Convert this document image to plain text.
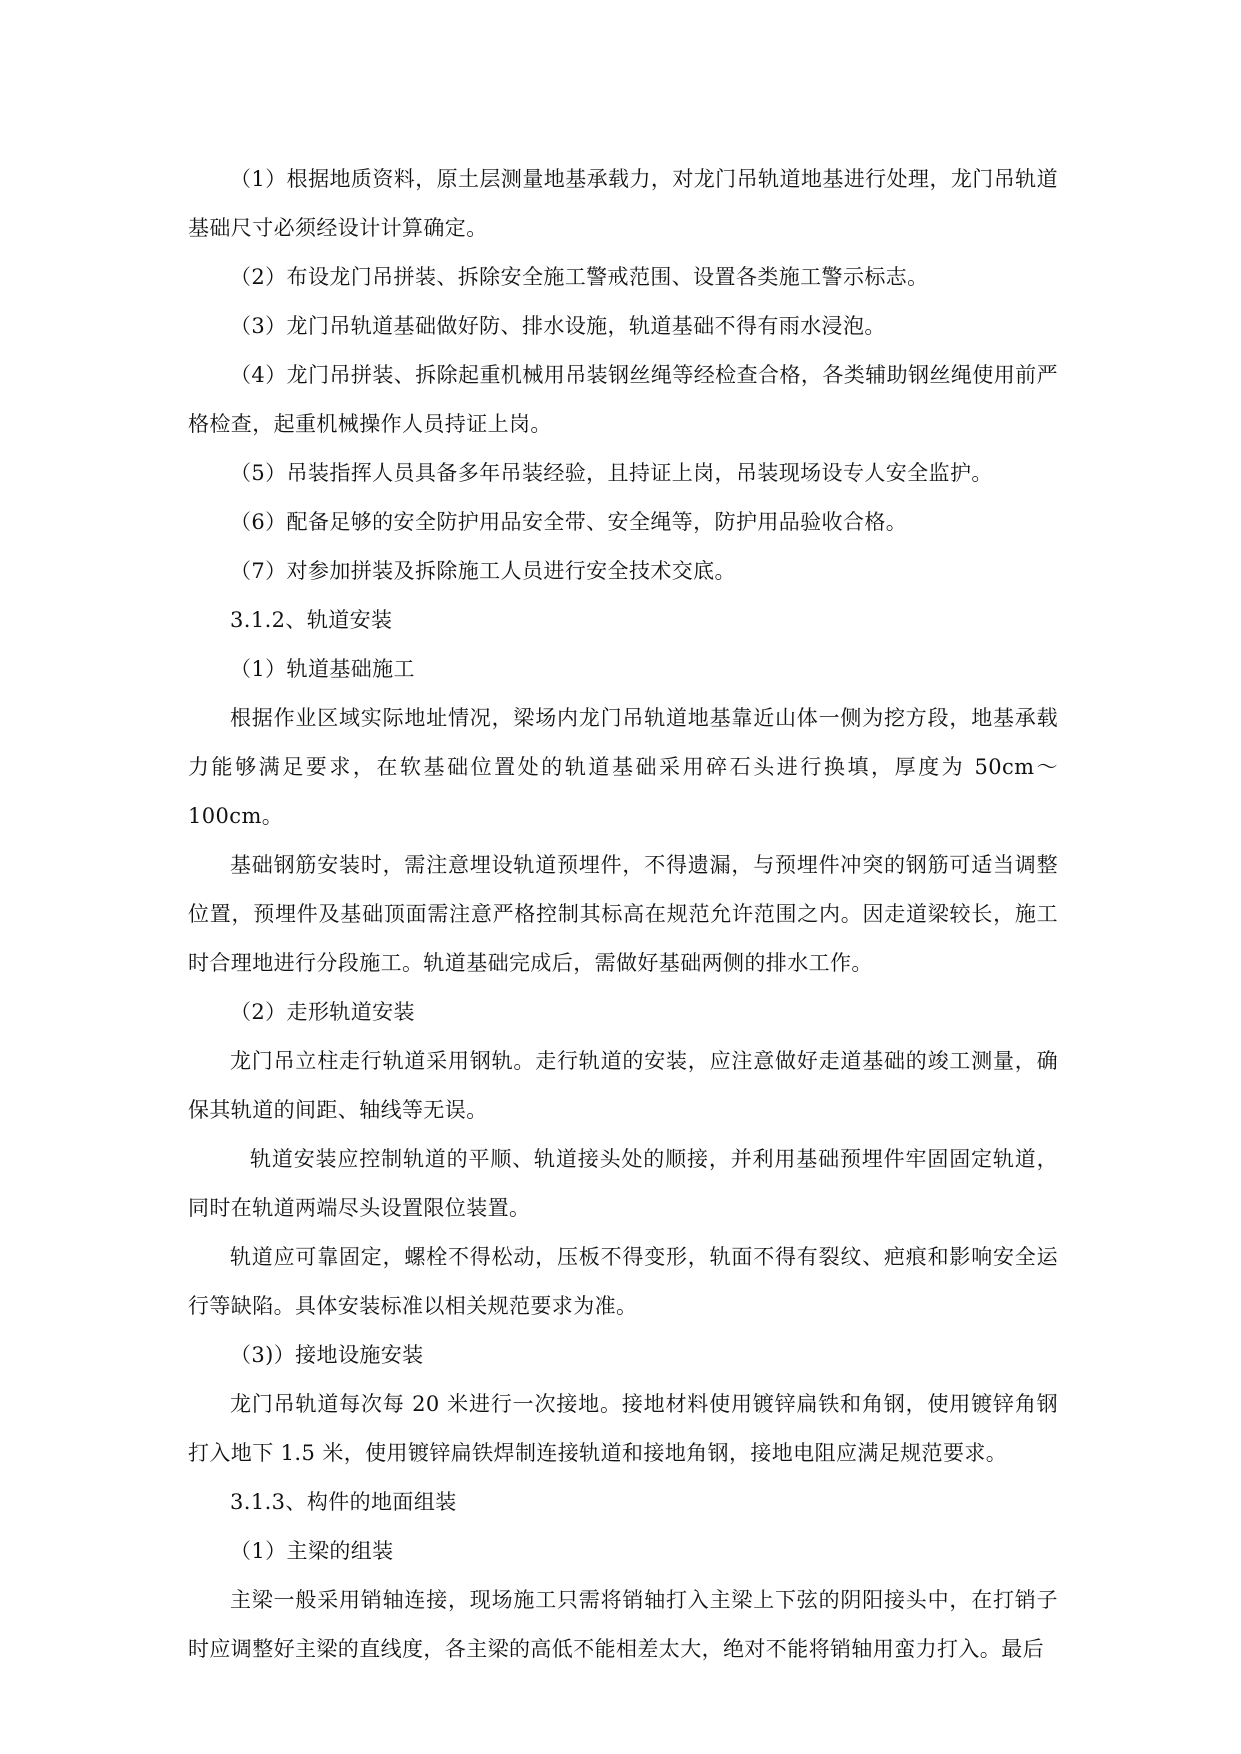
（1）根据地质资料，原土层测量地基承载力，对龙门吊轨道地基进行处理，龙门吊轨道基础尺寸必须经设计计算确定。

（2）布设龙门吊拼装、拆除安全施工警戒范围、设置各类施工警示标志。

（3）龙门吊轨道基础做好防、排水设施，轨道基础不得有雨水浸泡。

（4）龙门吊拼装、拆除起重机械用吊装钢丝绳等经检查合格，各类辅助钢丝绳使用前严格检查，起重机械操作人员持证上岗。

（5）吊装指挥人员具备多年吊装经验，且持证上岗，吊装现场设专人安全监护。

（6）配备足够的安全防护用品安全带、安全绳等，防护用品验收合格。

（7）对参加拼装及拆除施工人员进行安全技术交底。

3.1.2、轨道安装

（1）轨道基础施工

根据作业区域实际地址情况，梁场内龙门吊轨道地基靠近山体一侧为挖方段，地基承载力能够满足要求，在软基础位置处的轨道基础采用碎石头进行换填，厚度为 50cm～100cm。

基础钢筋安装时，需注意埋设轨道预埋件，不得遗漏，与预埋件冲突的钢筋可适当调整位置，预埋件及基础顶面需注意严格控制其标高在规范允许范围之内。因走道梁较长，施工时合理地进行分段施工。轨道基础完成后，需做好基础两侧的排水工作。

（2）走形轨道安装

龙门吊立柱走行轨道采用钢轨。走行轨道的安装，应注意做好走道基础的竣工测量，确保其轨道的间距、轴线等无误。

轨道安装应控制轨道的平顺、轨道接头处的顺接，并利用基础预埋件牢固固定轨道，同时在轨道两端尽头设置限位装置。

轨道应可靠固定，螺栓不得松动，压板不得变形，轨面不得有裂纹、疤痕和影响安全运行等缺陷。具体安装标准以相关规范要求为准。

（3)）接地设施安装

龙门吊轨道每次每 20 米进行一次接地。接地材料使用镀锌扁铁和角钢，使用镀锌角钢打入地下 1.5 米，使用镀锌扁铁焊制连接轨道和接地角钢，接地电阻应满足规范要求。

3.1.3、构件的地面组装

（1）主梁的组装

主梁一般采用销轴连接，现场施工只需将销轴打入主梁上下弦的阴阳接头中，在打销子时应调整好主梁的直线度，各主梁的高低不能相差太大，绝对不能将销轴用蛮力打入。最后
